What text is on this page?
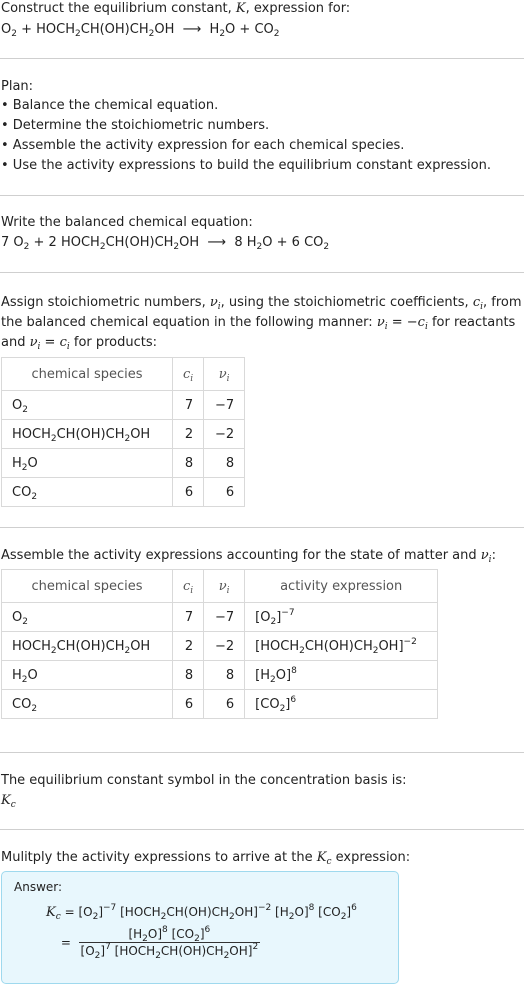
Construct the equilibrium constant, K, expression for:
$O_2$ + $HOCH_2CH(OH)CH_2OH$  ⟶  $H_2O + CO_2$
Plan:
• Balance the chemical equation.
• Determine the stoichiometric numbers.
• Assemble the activity expression for each chemical species.
• Use the activity expressions to build the equilibrium constant expression.
Write the balanced chemical equation:
7 $O_2 + 2$ $HOCH_2CH(OH)CH_2OH$  ⟶  8 $H_2O + 6$ $CO_2$
Assign stoichiometric numbers, $\nu_i$, using the stoichiometric coefficients, $c_i$, from
the balanced chemical equation in the following manner: $\nu_i = -c_i$ for reactants
and $\nu_i = c_i$ for products:
chemical species	$c_i$	$\nu_i$
$O_2$	7	−7
$HOCH_2CH(OH)CH_2OH$	2	−2
$H_2O$	8	8
$CO_2$	6	6
Assemble the activity expressions accounting for the state of matter and $\nu_i$:
chemical species	$c_i$	$\nu_i$	activity expression
$O_2$	7	−7	$[O_2]^{-7}$
$HOCH_2CH(OH)CH_2OH$	2	−2	$[HOCH_2CH(OH)CH_2OH]^{-2}$
$H_2O$	8	8	$[H_2O]^8$
$CO_2$	6	6	$[CO_2]^6$
The equilibrium constant symbol in the concentration basis is:
$K_c$
Mulitply the activity expressions to arrive at the $K_c$ expression:
Answer:
$K_c = [O_2]^{-7}$ $[HOCH_2CH(OH)CH_2OH]^{-2}$ $[H_2O]^8$ $[CO_2]^6$
= $\frac{[H_2O]^8 [CO_2]^6}{[O_2]^7 [HOCH_2CH(OH)CH_2OH]^2}$
